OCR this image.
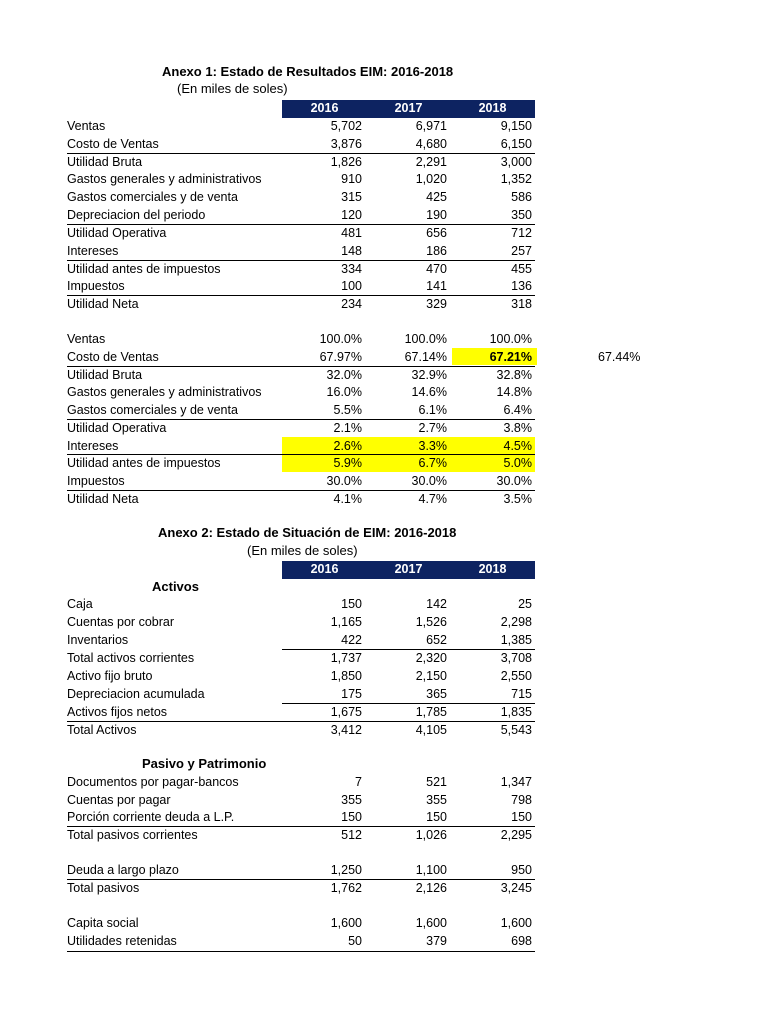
Anexo 1: Estado de Resultados EIM: 2016-2018
(En miles de soles)
2016	2017	2018
Ventas	5,702	6,971	9,150
Costo de Ventas	3,876	4,680	6,150
Utilidad Bruta	1,826	2,291	3,000
Gastos generales y administrativos	910	1,020	1,352
Gastos comerciales y de venta	315	425	586
Depreciacion del periodo	120	190	350
Utilidad Operativa	481	656	712
Intereses	148	186	257
Utilidad antes de impuestos	334	470	455
Impuestos	100	141	136
Utilidad Neta	234	329	318
Ventas	100.0%	100.0%	100.0%
Costo de Ventas	67.97%	67.14%	67.21%	67.44%
Utilidad Bruta	32.0%	32.9%	32.8%
Gastos generales y administrativos	16.0%	14.6%	14.8%
Gastos comerciales y de venta	5.5%	6.1%	6.4%
Utilidad Operativa	2.1%	2.7%	3.8%
Intereses	2.6%	3.3%	4.5%
Utilidad antes de impuestos	5.9%	6.7%	5.0%
Impuestos	30.0%	30.0%	30.0%
Utilidad Neta	4.1%	4.7%	3.5%
Anexo 2: Estado de Situación de EIM: 2016-2018
(En miles de soles)
2016	2017	2018
Activos
Caja	150	142	25
Cuentas por cobrar	1,165	1,526	2,298
Inventarios	422	652	1,385
Total activos corrientes	1,737	2,320	3,708
Activo fijo bruto	1,850	2,150	2,550
Depreciacion acumulada	175	365	715
Activos fijos netos	1,675	1,785	1,835
Total Activos	3,412	4,105	5,543
Pasivo y Patrimonio
Documentos por pagar-bancos	7	521	1,347
Cuentas por pagar	355	355	798
Porción corriente deuda a L.P.	150	150	150
Total pasivos corrientes	512	1,026	2,295
Deuda a largo plazo	1,250	1,100	950
Total pasivos	1,762	2,126	3,245
Capita social	1,600	1,600	1,600
Utilidades retenidas	50	379	698
